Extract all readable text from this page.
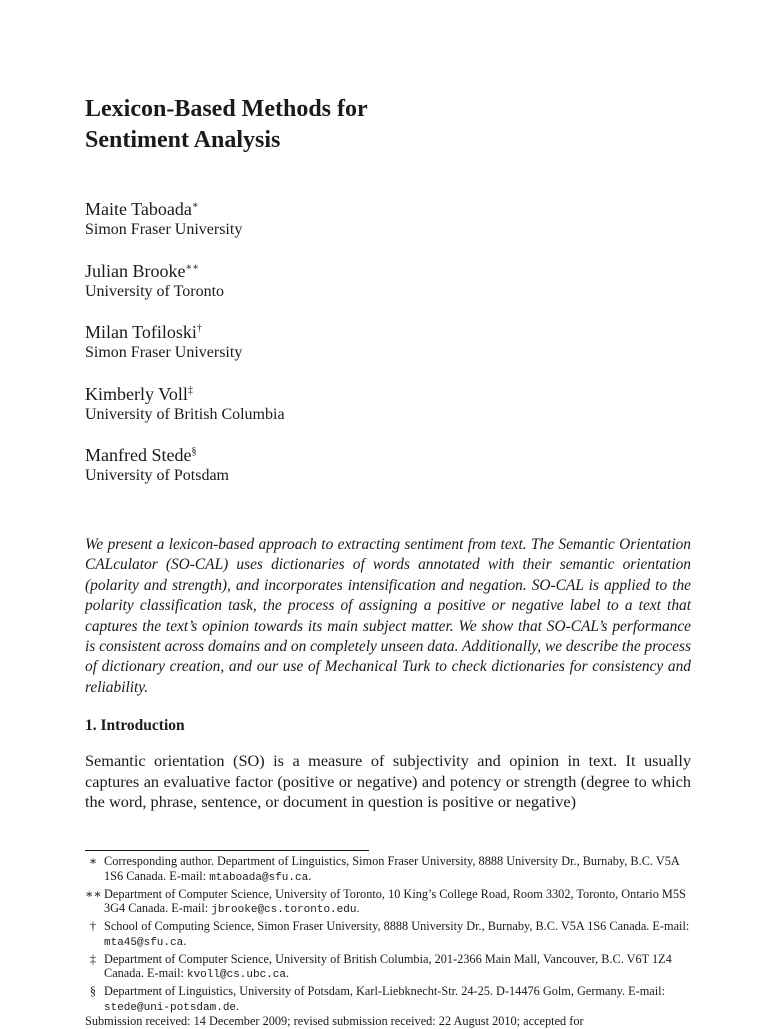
Lexicon-Based Methods for
Sentiment Analysis
Maite Taboada∗
Simon Fraser University
Julian Brooke∗∗
University of Toronto
Milan Tofiloski†
Simon Fraser University
Kimberly Voll‡
University of British Columbia
Manfred Stede§
University of Potsdam

We present a lexicon-based approach to extracting sentiment from text. The Semantic Orientation CALculator (SO-CAL) uses dictionaries of words annotated with their semantic orientation (polarity and strength), and incorporates intensification and negation. SO-CAL is applied to the polarity classification task, the process of assigning a positive or negative label to a text that captures the text’s opinion towards its main subject matter. We show that SO-CAL’s performance is consistent across domains and on completely unseen data. Additionally, we describe the process of dictionary creation, and our use of Mechanical Turk to check dictionaries for consistency and reliability.

1. Introduction

Semantic orientation (SO) is a measure of subjectivity and opinion in text. It usually captures an evaluative factor (positive or negative) and potency or strength (degree to which the word, phrase, sentence, or document in question is positive or negative)

∗ Corresponding author. Department of Linguistics, Simon Fraser University, 8888 University Dr., Burnaby, B.C. V5A 1S6 Canada. E-mail: mtaboada@sfu.ca.
∗∗ Department of Computer Science, University of Toronto, 10 King’s College Road, Room 3302, Toronto, Ontario M5S 3G4 Canada. E-mail: jbrooke@cs.toronto.edu.
† School of Computing Science, Simon Fraser University, 8888 University Dr., Burnaby, B.C. V5A 1S6 Canada. E-mail: mta45@sfu.ca.
‡ Department of Computer Science, University of British Columbia, 201-2366 Main Mall, Vancouver, B.C. V6T 1Z4 Canada. E-mail: kvoll@cs.ubc.ca.
§ Department of Linguistics, University of Potsdam, Karl-Liebknecht-Str. 24-25. D-14476 Golm, Germany. E-mail: stede@uni-potsdam.de.
Submission received: 14 December 2009; revised submission received: 22 August 2010; accepted for
